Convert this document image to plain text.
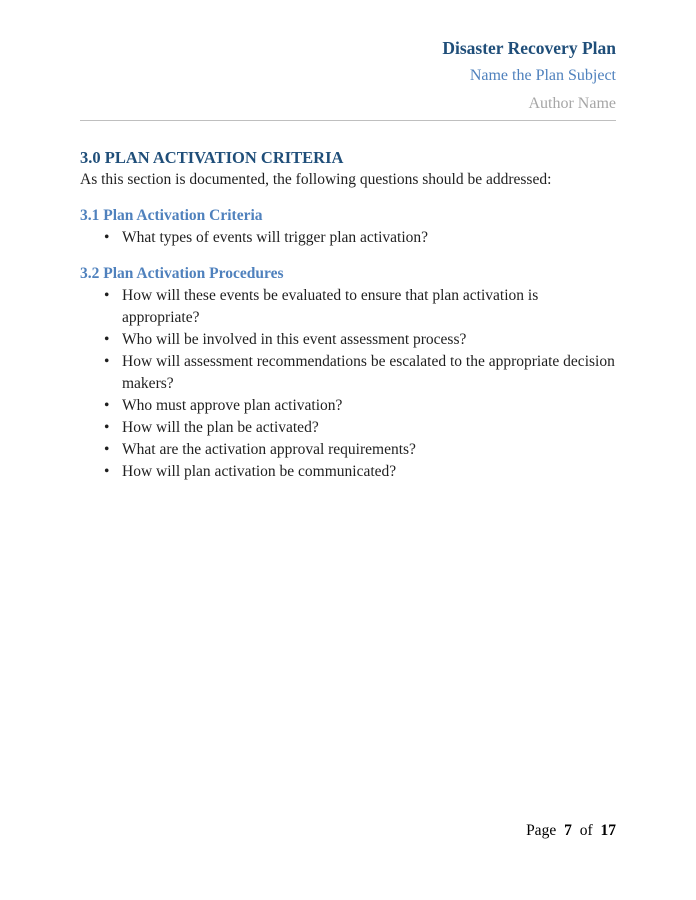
Disaster Recovery Plan
Name the Plan Subject
Author Name
3.0 PLAN ACTIVATION CRITERIA

As this section is documented, the following questions should be addressed:

3.1 Plan Activation Criteria
• What types of events will trigger plan activation?
3.2 Plan Activation Procedures
• How will these events be evaluated to ensure that plan activation is appropriate?
• Who will be involved in this event assessment process?
• How will assessment recommendations be escalated to the appropriate decision makers?
• Who must approve plan activation?
• How will the plan be activated?
• What are the activation approval requirements?
• How will plan activation be communicated?
Page 7 of 17
